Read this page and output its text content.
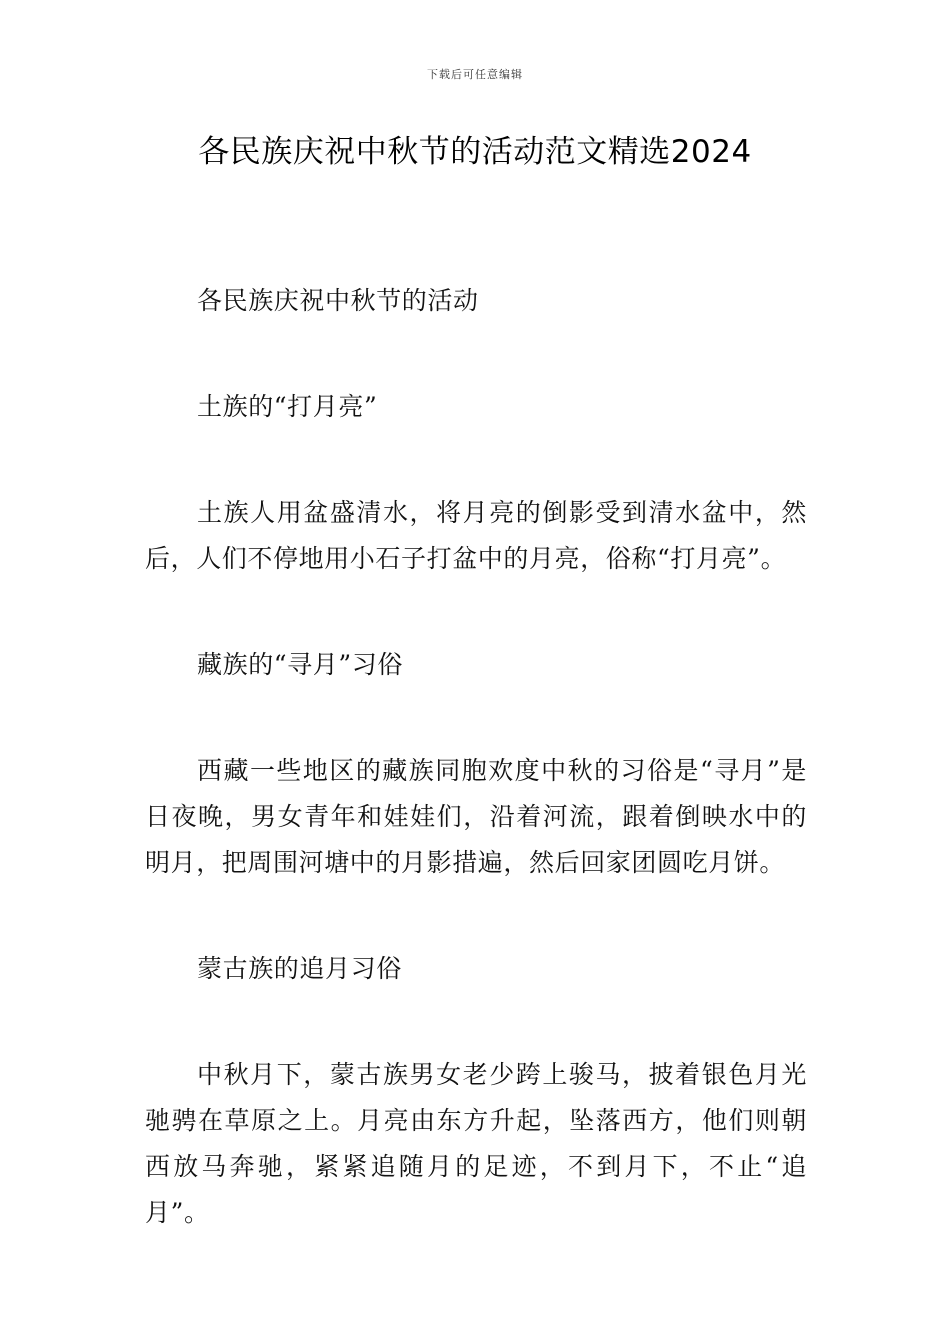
下载后可任意编辑
各民族庆祝中秋节的活动范文精选2024

各民族庆祝中秋节的活动

土族的“打月亮”

土族人用盆盛清水，将月亮的倒影受到清水盆中，然后，人们不停地用小石子打盆中的月亮，俗称“打月亮”。

藏族的“寻月”习俗

西藏一些地区的藏族同胞欢度中秋的习俗是“寻月”是日夜晚，男女青年和娃娃们，沿着河流，跟着倒映水中的明月，把周围河塘中的月影措遍，然后回家团圆吃月饼。

蒙古族的追月习俗

中秋月下，蒙古族男女老少跨上骏马，披着银色月光驰骋在草原之上。月亮由东方升起，坠落西方，他们则朝西放马奔驰，紧紧追随月的足迹，不到月下，不止“追月”。
